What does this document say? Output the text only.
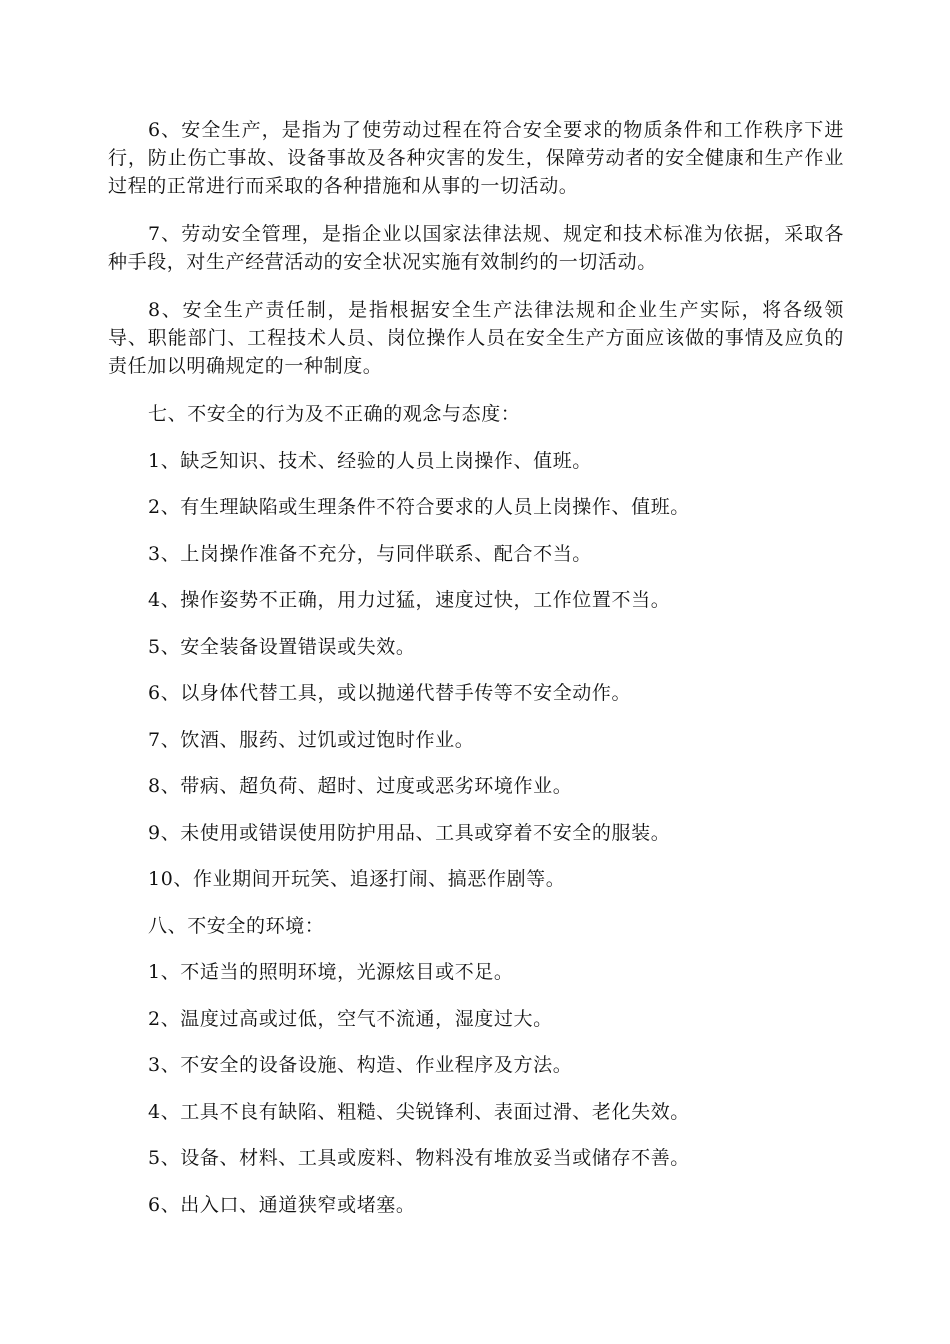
6、安全生产，是指为了使劳动过程在符合安全要求的物质条件和工作秩序下进行，防止伤亡事故、设备事故及各种灾害的发生，保障劳动者的安全健康和生产作业过程的正常进行而采取的各种措施和从事的一切活动。

7、劳动安全管理，是指企业以国家法律法规、规定和技术标准为依据，采取各种手段，对生产经营活动的安全状况实施有效制约的一切活动。

8、安全生产责任制，是指根据安全生产法律法规和企业生产实际，将各级领导、职能部门、工程技术人员、岗位操作人员在安全生产方面应该做的事情及应负的责任加以明确规定的一种制度。

七、不安全的行为及不正确的观念与态度：

1、缺乏知识、技术、经验的人员上岗操作、值班。

2、有生理缺陷或生理条件不符合要求的人员上岗操作、值班。

3、上岗操作准备不充分，与同伴联系、配合不当。

4、操作姿势不正确，用力过猛，速度过快，工作位置不当。

5、安全装备设置错误或失效。

6、以身体代替工具，或以抛递代替手传等不安全动作。

7、饮酒、服药、过饥或过饱时作业。

8、带病、超负荷、超时、过度或恶劣环境作业。

9、未使用或错误使用防护用品、工具或穿着不安全的服装。

10、作业期间开玩笑、追逐打闹、搞恶作剧等。

八、不安全的环境：

1、不适当的照明环境，光源炫目或不足。

2、温度过高或过低，空气不流通，湿度过大。

3、不安全的设备设施、构造、作业程序及方法。

4、工具不良有缺陷、粗糙、尖锐锋利、表面过滑、老化失效。

5、设备、材料、工具或废料、物料没有堆放妥当或储存不善。

6、出入口、通道狭窄或堵塞。
